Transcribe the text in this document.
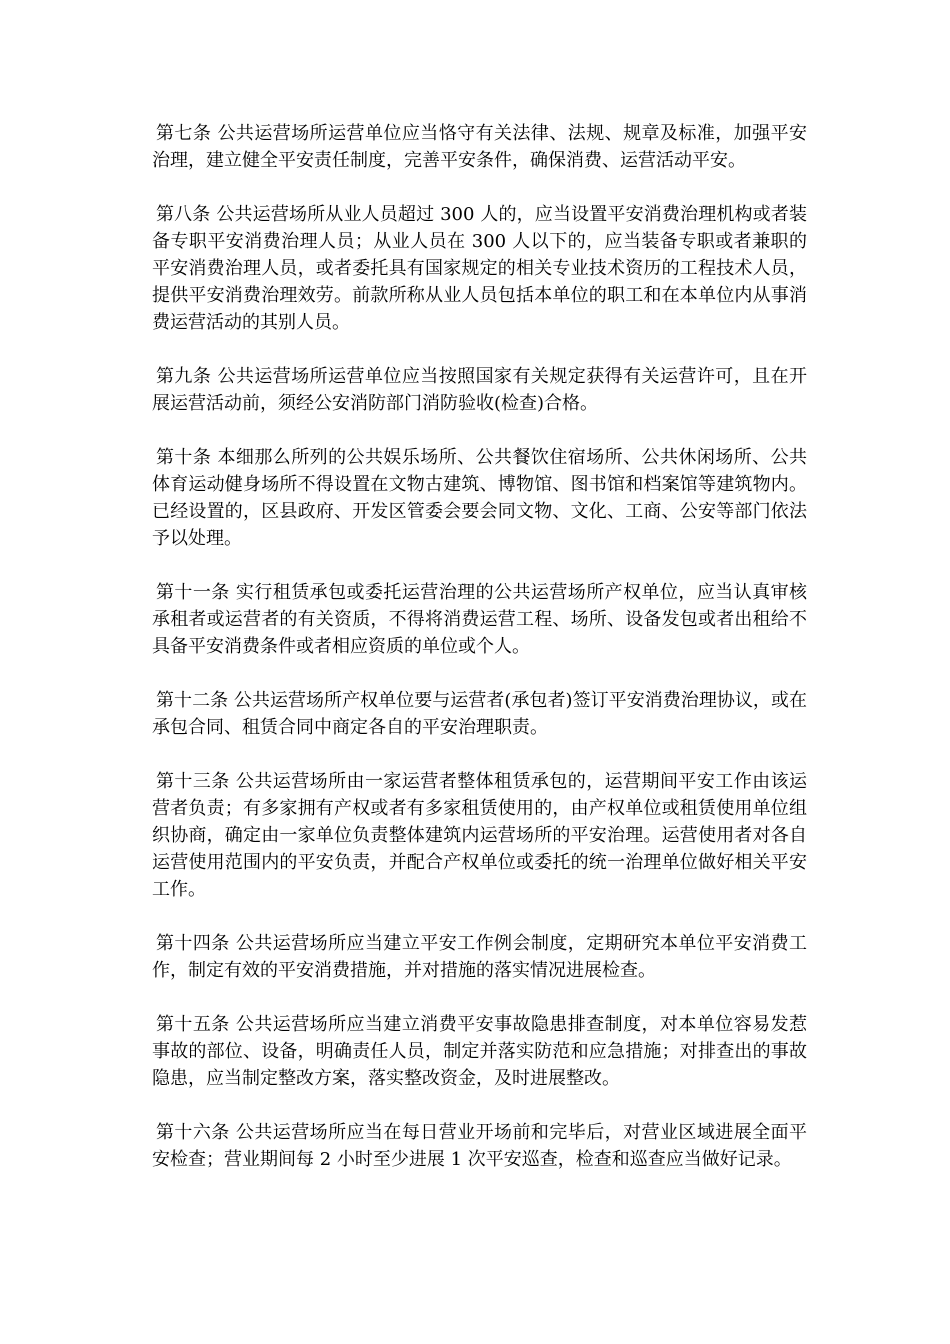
第七条 公共运营场所运营单位应当恪守有关法律、法规、规章及标准，加强平安治理，建立健全平安责任制度，完善平安条件，确保消费、运营活动平安。

第八条 公共运营场所从业人员超过 300 人的，应当设置平安消费治理机构或者装备专职平安消费治理人员；从业人员在 300 人以下的，应当装备专职或者兼职的平安消费治理人员，或者委托具有国家规定的相关专业技术资历的工程技术人员，提供平安消费治理效劳。前款所称从业人员包括本单位的职工和在本单位内从事消费运营活动的其别人员。

第九条 公共运营场所运营单位应当按照国家有关规定获得有关运营许可，且在开展运营活动前，须经公安消防部门消防验收(检查)合格。

第十条 本细那么所列的公共娱乐场所、公共餐饮住宿场所、公共休闲场所、公共体育运动健身场所不得设置在文物古建筑、博物馆、图书馆和档案馆等建筑物内。已经设置的，区县政府、开发区管委会要会同文物、文化、工商、公安等部门依法予以处理。

第十一条 实行租赁承包或委托运营治理的公共运营场所产权单位，应当认真审核承租者或运营者的有关资质，不得将消费运营工程、场所、设备发包或者出租给不具备平安消费条件或者相应资质的单位或个人。

第十二条 公共运营场所产权单位要与运营者(承包者)签订平安消费治理协议，或在承包合同、租赁合同中商定各自的平安治理职责。

第十三条 公共运营场所由一家运营者整体租赁承包的，运营期间平安工作由该运营者负责；有多家拥有产权或者有多家租赁使用的，由产权单位或租赁使用单位组织协商，确定由一家单位负责整体建筑内运营场所的平安治理。运营使用者对各自运营使用范围内的平安负责，并配合产权单位或委托的统一治理单位做好相关平安工作。

第十四条 公共运营场所应当建立平安工作例会制度，定期研究本单位平安消费工作，制定有效的平安消费措施，并对措施的落实情况进展检查。

第十五条 公共运营场所应当建立消费平安事故隐患排查制度，对本单位容易发惹事故的部位、设备，明确责任人员，制定并落实防范和应急措施；对排查出的事故隐患，应当制定整改方案，落实整改资金，及时进展整改。

第十六条 公共运营场所应当在每日营业开场前和完毕后，对营业区域进展全面平安检查；营业期间每 2 小时至少进展 1 次平安巡查，检查和巡查应当做好记录。
